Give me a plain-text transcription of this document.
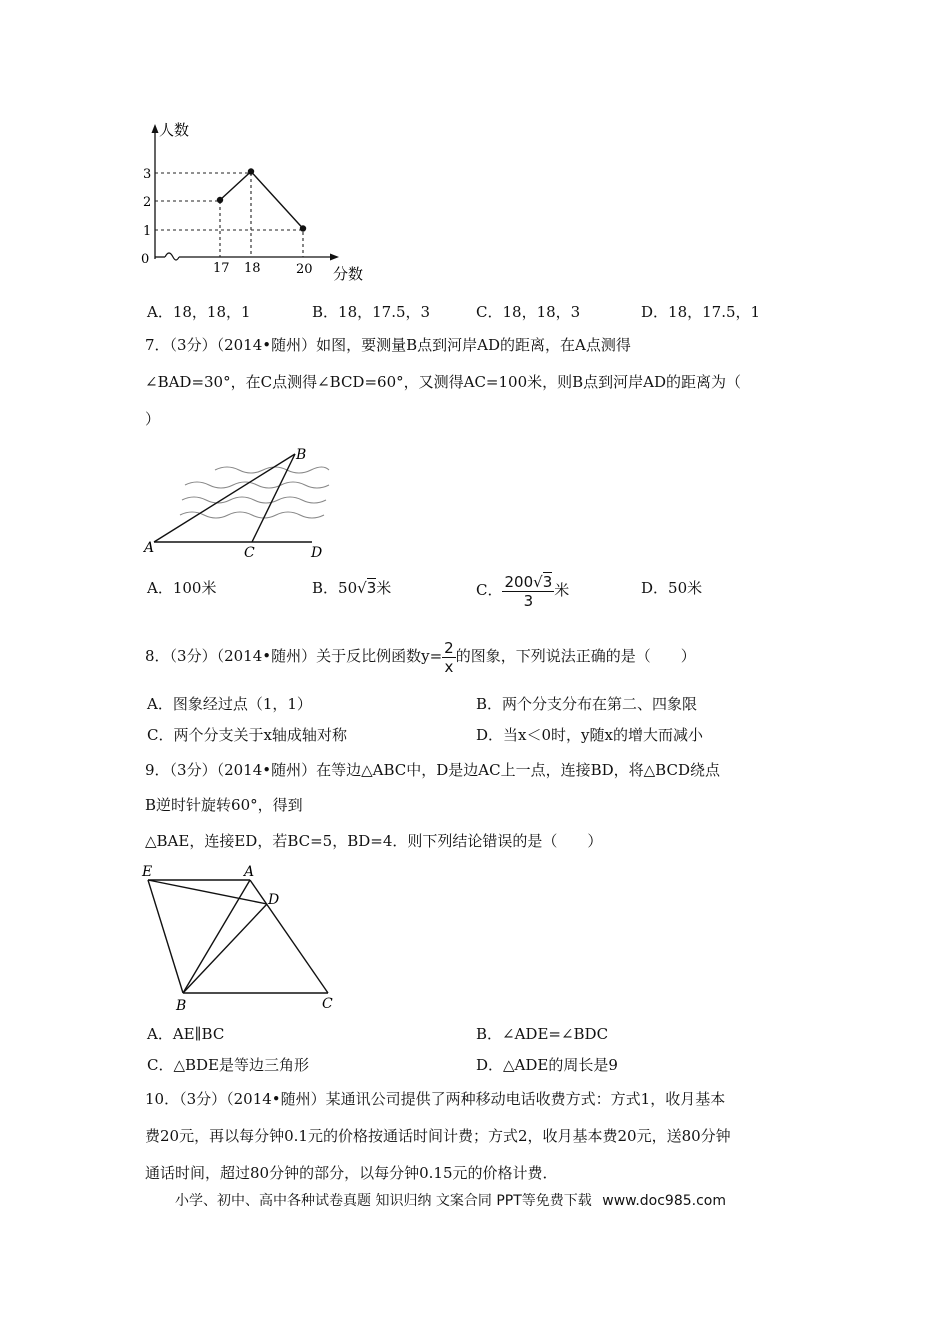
人数
分数
0
1
2
3
17 18	20
A．18，18，1	B．18，17.5，3	C．18，18，3	D．18，17.5，1
7．（3分）（2014•随州）如图，要测量B点到河岸AD的距离，在A点测得
∠BAD=30°，在C点测得∠BCD=60°，又测得AC=100米，则B点到河岸AD的距离为（
）
A
B
C	D
A．100米	B．50√3米	C． $\frac{200√3}{3}$ 米	D．50米
8．（3分）（2014•随州）关于反比例函数$y= \frac{2}{x}$ 的图象，下列说法正确的是（　　）
A．图象经过点（1，1）	B．两个分支分布在第二、四象限
C．两个分支关于x轴成轴对称	D．当x＜0时，y随x的增大而减小
9．（3分）（2014•随州）在等边△ABC中，D是边AC上一点，连接BD，将△BCD绕点
B逆时针旋转60°，得到
△BAE，连接ED，若BC=5，BD=4．则下列结论错误的是（　　）
E	A
D
B	C
A．AE∥BC	B．∠ADE=∠BDC
C．△BDE是等边三角形	D．△ADE的周长是9
10．（3分）（2014•随州）某通讯公司提供了两种移动电话收费方式：方式1，收月基本
费20元，再以每分钟0.1元的价格按通话时间计费；方式2，收月基本费20元，送80分钟
通话时间，超过80分钟的部分，以每分钟0.15元的价格计费．
小学、初中、高中各种试卷真题 知识归纳 文案合同 PPT等免费下载 www.doc985.com
